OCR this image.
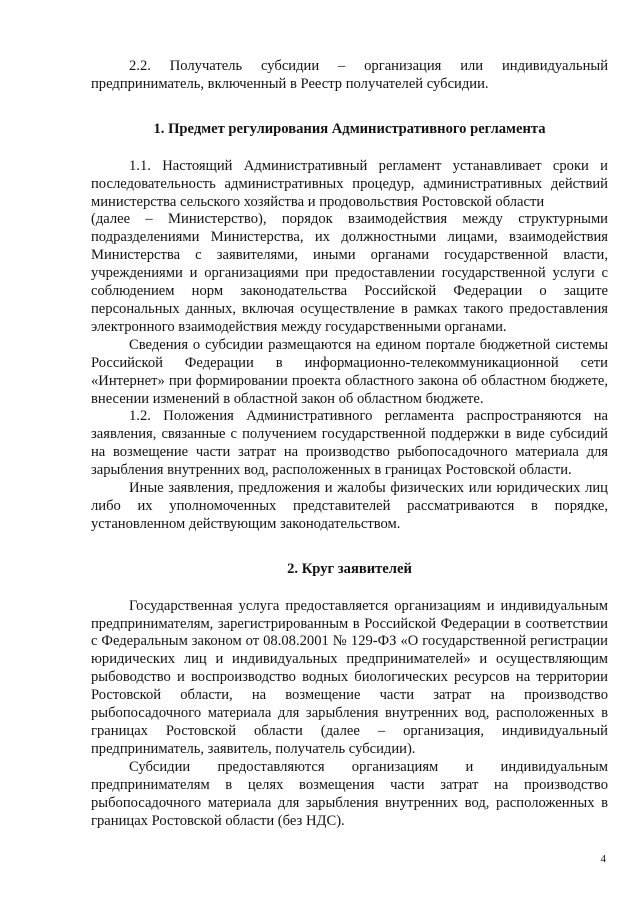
2.2. Получатель субсидии – организация или индивидуальный предприниматель, включенный в Реестр получателей субсидии.

1. Предмет регулирования Административного регламента

1.1. Настоящий Административный регламент устанавливает сроки и последовательность административных процедур, административных действий министерства сельского хозяйства и продовольствия Ростовской области

(далее – Министерство), порядок взаимодействия между структурными подразделениями Министерства, их должностными лицами, взаимодействия Министерства с заявителями, иными органами государственной власти, учреждениями и организациями при предоставлении государственной услуги с соблюдением норм законодательства Российской Федерации о защите персональных данных, включая осуществление в рамках такого предоставления электронного взаимодействия между государственными органами.

Сведения о субсидии размещаются на едином портале бюджетной системы Российской Федерации в информационно-телекоммуникационной сети «Интернет» при формировании проекта областного закона об областном бюджете, внесении изменений в областной закон об областном бюджете.

1.2. Положения Административного регламента распространяются на заявления, связанные с получением государственной поддержки в виде субсидий на возмещение части затрат на производство рыбопосадочного материала для зарыбления внутренних вод, расположенных в границах Ростовской области.

Иные заявления, предложения и жалобы физических или юридических лиц либо их уполномоченных представителей рассматриваются в порядке, установленном действующим законодательством.

2. Круг заявителей

Государственная услуга предоставляется организациям и индивидуальным предпринимателям, зарегистрированным в Российской Федерации в соответствии с Федеральным законом от 08.08.2001 № 129-ФЗ «О государственной регистрации юридических лиц и индивидуальных предпринимателей» и осуществляющим рыбоводство и воспроизводство водных биологических ресурсов на территории Ростовской области, на возмещение части затрат на производство рыбопосадочного материала для зарыбления внутренних вод, расположенных в границах Ростовской области (далее – организация, индивидуальный предприниматель, заявитель, получатель субсидии).

Субсидии предоставляются организациям и индивидуальным предпринимателям в целях возмещения части затрат на производство рыбопосадочного материала для зарыбления внутренних вод, расположенных в границах Ростовской области (без НДС).

4
